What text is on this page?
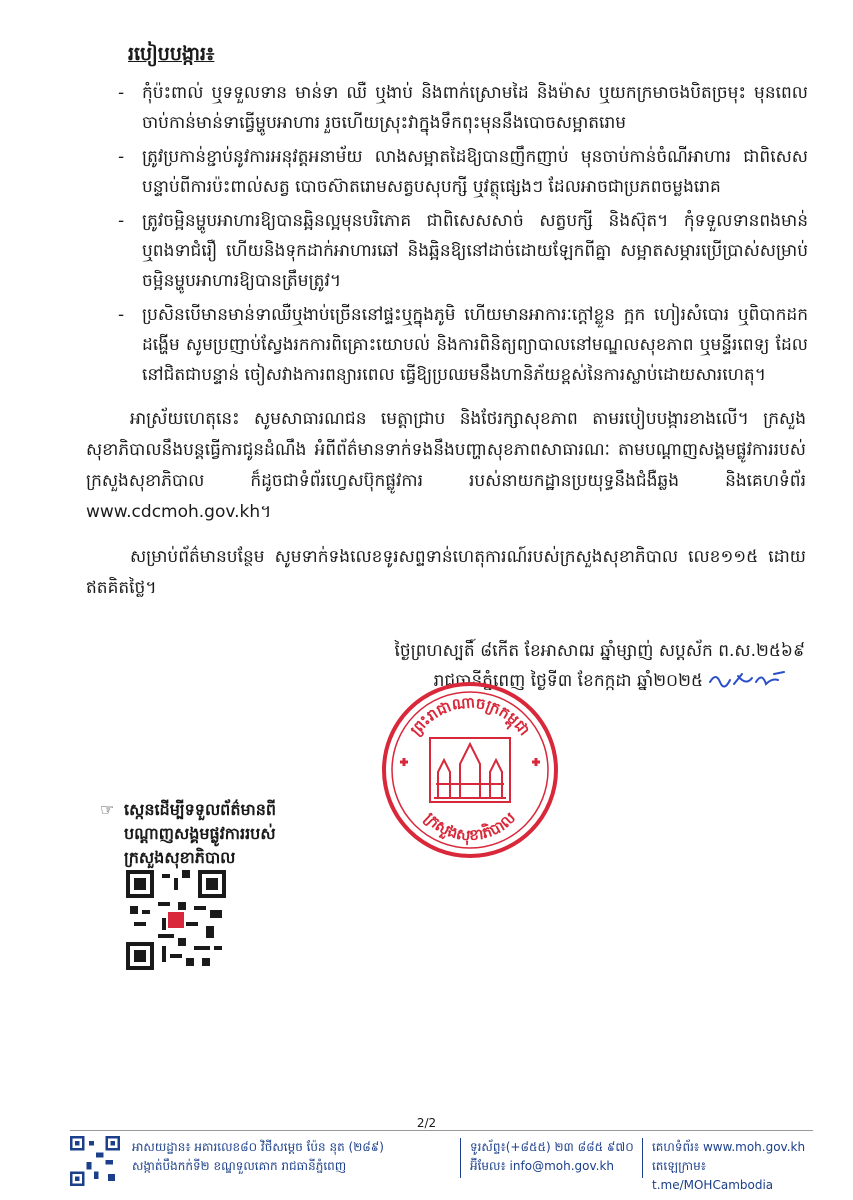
របៀបបង្ការ៖
- កុំប៉ះពាល់ ឬទទួលទាន មាន់ទា ឈឺ ឬងាប់ និងពាក់ស្រោមដៃ និងម៉ាស ឬយកក្រមាចងបិតច្រមុះ មុនពេលចាប់កាន់មាន់ទាធ្វើម្ហូបអាហារ រួចហើយស្រុះវាក្នុងទឹកពុះមុននឹងបោចសម្អាតរោម
- ត្រូវប្រកាន់ខ្ជាប់នូវការអនុវត្តអនាម័យ លាងសម្អាតដៃឱ្យបានញឹកញាប់ មុនចាប់កាន់ចំណីអាហារ ជាពិសេសបន្ទាប់ពីការប៉ះពាល់សត្វ បោចស៊ាតរោមសត្វបសុបក្សី ឬវត្ថុផ្សេងៗ ដែលអាចជាប្រភពចម្លងរោគ
- ត្រូវចម្អិនម្ហូបអាហារឱ្យបានឆ្អិនល្អមុនបរិភោគ ជាពិសេសសាច់ សត្វបក្សី និងស៊ុត។ កុំទទួលទានពងមាន់ ឬពងទាជំរឿ ហើយនិងទុកដាក់អាហារឆៅ និងឆ្អិនឱ្យនៅដាច់ដោយឡែកពីគ្នា សម្អាតសម្ភារប្រើប្រាស់សម្រាប់ចម្អិនម្ហូបអាហារឱ្យបានត្រឹមត្រូវ។
- ប្រសិនបើមានមាន់ទាឈឺឬងាប់ច្រើននៅផ្ទះឬក្នុងភូមិ ហើយមានអាការៈក្តៅខ្លួន ក្អក ហៀរសំបោរ ឬពិបាកដកដង្ហើម សូមប្រញាប់ស្វែងរកការពិគ្រោះយោបល់ និងការពិនិត្យព្យាបាលនៅមណ្ឌលសុខភាព ឬមន្ទីរពេទ្យ ដែលនៅជិតជាបន្ទាន់ ចៀសវាងការពន្យារពេល ធ្វើឱ្យប្រឈមនឹងហានិភ័យខ្ពស់នៃការស្លាប់ដោយសារហេតុ។
អាស្រ័យហេតុនេះ សូមសាធារណជន មេត្តាជ្រាប និងថែរក្សាសុខភាព តាមរបៀបបង្ការខាងលើ។ ក្រសួងសុខាភិបាលនឹងបន្តធ្វើការជូនដំណឹង អំពីព័ត៌មានទាក់ទងនឹងបញ្ហាសុខភាពសាធារណៈ តាមបណ្តាញសង្គមផ្លូវការរបស់ក្រសួងសុខាភិបាល ក៏ដូចជាទំព័រហ្វេសប៊ុកផ្លូវការ របស់នាយកដ្ឋានប្រយុទ្ធនឹងជំងឺឆ្លង និងគេហទំព័រ www.cdcmoh.gov.kh។
សម្រាប់ព័ត៌មានបន្ថែម សូមទាក់ទងលេខទូរសព្ទទាន់ហេតុការណ៍របស់ក្រសួងសុខាភិបាល លេខ១១៥ ដោយឥតគិតថ្លៃ។
ថ្ងៃព្រហស្បតិ៍ ៨កើត ខែអាសាឍ ឆ្នាំម្សាញ់ សប្តស័ក ព.ស.២៥៦៩
រាជធានីភ្នំពេញ ថ្ងៃទី៣ ខែកក្កដា ឆ្នាំ២០២៥
ព្រះរាជាណាចក្រកម្ពុជា
ក្រសួងសុខាភិបាល
☞ ស្កេនដើម្បីទទួលព័ត៌មានពី
បណ្តាញសង្គមផ្លូវការរបស់
ក្រសួងសុខាភិបាល
2/2
អាសយដ្ឋាន៖ អគារលេខ៨០ វិថីសម្តេច ប៉ែន នុត (២៨៩)
សង្កាត់បឹងកក់ទី២ ខណ្ឌទួលគោក រាជធានីភ្នំពេញ
ទូរស័ព្ទ៖(+៨៥៥) ២៣ ៨៨៥ ៩៧០
អ៊ីមែល៖ info@moh.gov.kh
គេហទំព័រ៖ www.moh.gov.kh
តេឡេក្រាម៖ t.me/MOHCambodia
